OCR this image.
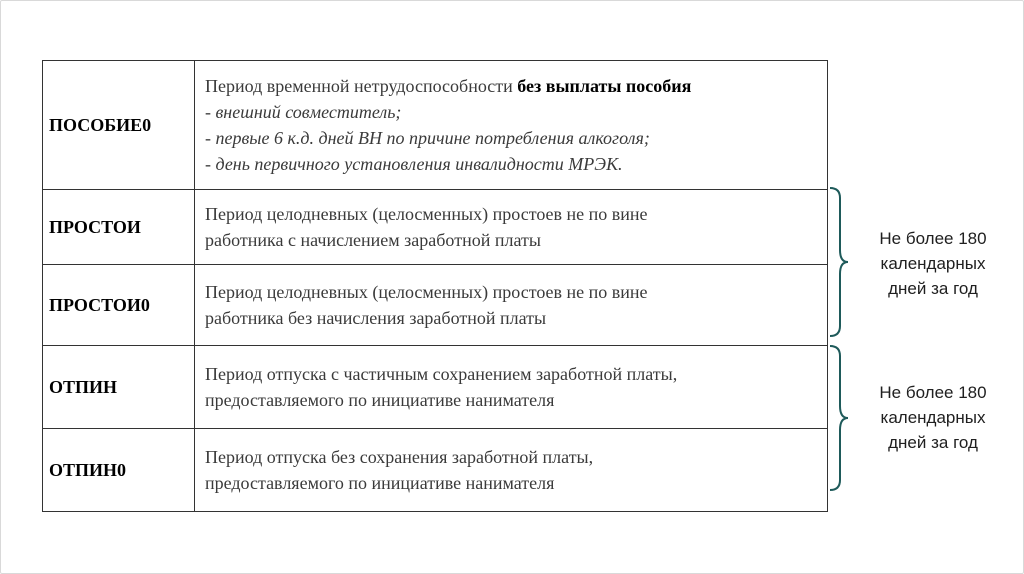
ПОСОБИЕ0	Период временной нетрудоспособности без выплаты пособия
- внешний совместитель;
- первые 6 к.д. дней ВН по причине потребления алкоголя;
- день первичного установления инвалидности МРЭК.

ПРОСТОИ	Период целодневных (целосменных) простоев не по вине
работника с начислением заработной платы

ПРОСТОИ0	Период целодневных (целосменных) простоев не по вине
работника без начисления заработной платы

ОТПИН	Период отпуска с частичным сохранением заработной платы,
предоставляемого по инициативе нанимателя

ОТПИН0	Период отпуска без сохранения заработной платы,
предоставляемого по инициативе нанимателя
Не более 180
календарных
дней за год
Не более 180
календарных
дней за год
